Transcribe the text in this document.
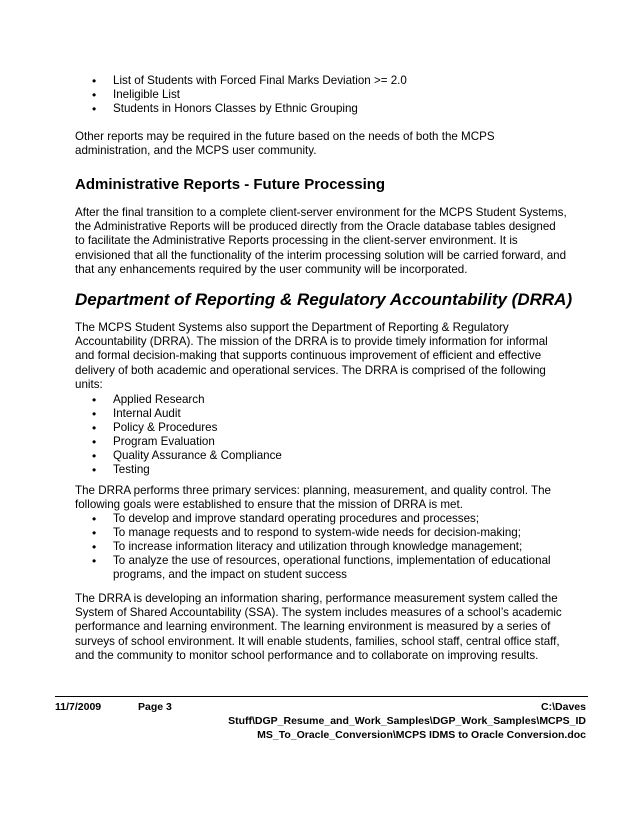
• List of Students with Forced Final Marks Deviation >= 2.0
• Ineligible List
• Students in Honors Classes by Ethnic Grouping

Other reports may be required in the future based on the needs of both the MCPS administration, and the MCPS user community.

Administrative Reports - Future Processing

After the final transition to a complete client-server environment for the MCPS Student Systems, the Administrative Reports will be produced directly from the Oracle database tables designed to facilitate the Administrative Reports processing in the client-server environment. It is envisioned that all the functionality of the interim processing solution will be carried forward, and that any enhancements required by the user community will be incorporated.

Department of Reporting & Regulatory Accountability (DRRA)

The MCPS Student Systems also support the Department of Reporting & Regulatory Accountability (DRRA). The mission of the DRRA is to provide timely information for informal and formal decision-making that supports continuous improvement of efficient and effective delivery of both academic and operational services. The DRRA is comprised of the following units:

• Applied Research
• Internal Audit
• Policy & Procedures
• Program Evaluation
• Quality Assurance & Compliance
• Testing

The DRRA performs three primary services: planning, measurement, and quality control. The following goals were established to ensure that the mission of DRRA is met.

• To develop and improve standard operating procedures and processes;
• To manage requests and to respond to system-wide needs for decision-making;
• To increase information literacy and utilization through knowledge management;
• To analyze the use of resources, operational functions, implementation of educational programs, and the impact on student success

The DRRA is developing an information sharing, performance measurement system called the System of Shared Accountability (SSA). The system includes measures of a school’s academic performance and learning environment. The learning environment is measured by a series of surveys of school environment. It will enable students, families, school staff, central office staff, and the community to monitor school performance and to collaborate on improving results.

11/7/2009	Page 3	C:\Daves
Stuff\DGP_Resume_and_Work_Samples\DGP_Work_Samples\MCPS_ID
MS_To_Oracle_Conversion\MCPS IDMS to Oracle Conversion.doc
